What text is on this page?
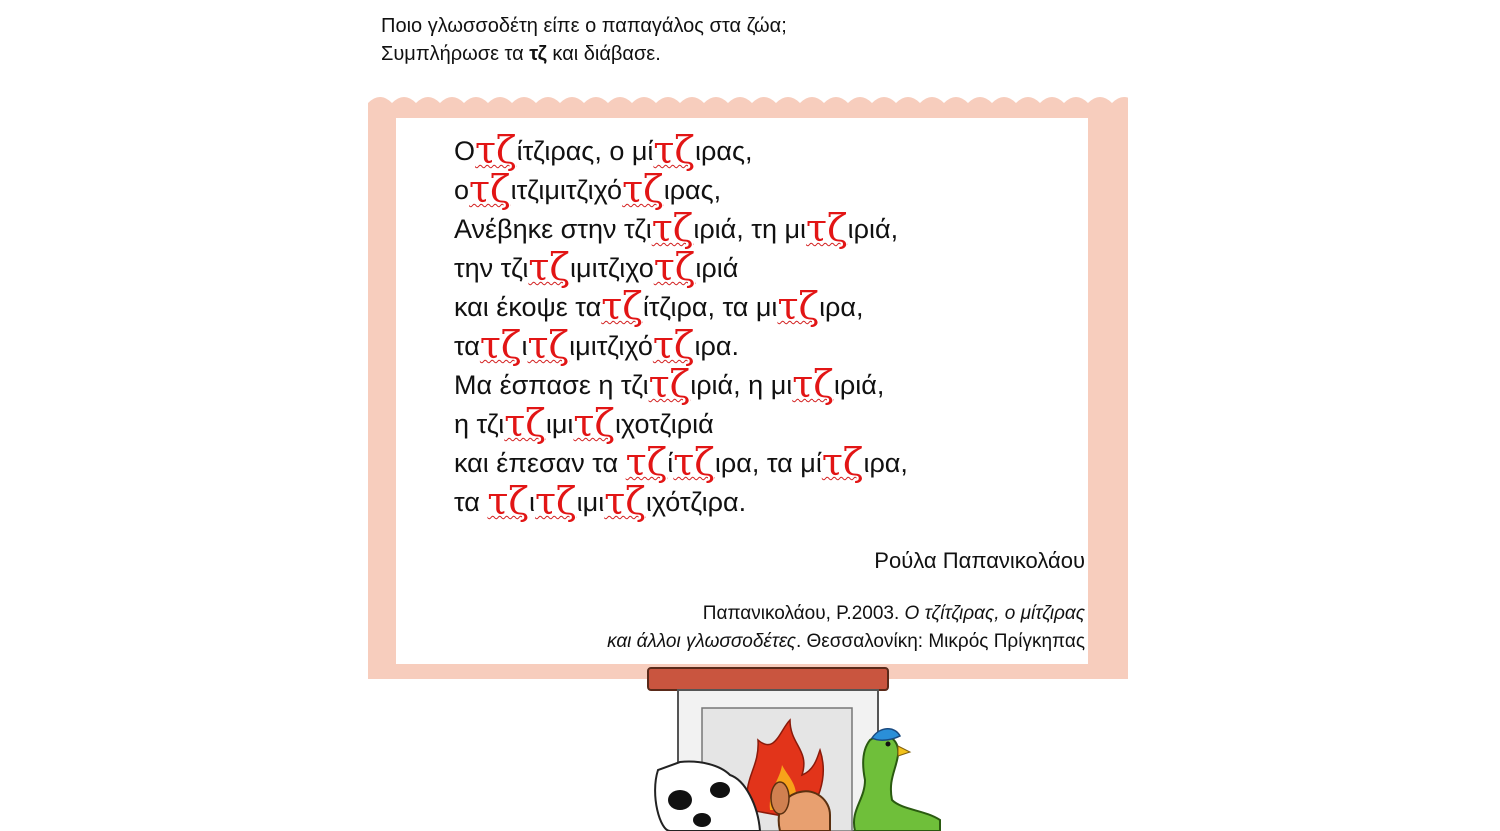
Ποιο γλωσσοδέτη είπε ο παπαγάλος στα ζώα;
Συμπλήρωσε τα τζ και διάβασε.
Οτζίτζιρας, ο μίτζιρας,
οτζιτζιμιτζιχότζιρας,
Ανέβηκε στην τζιτζιριά, τη μιτζιριά,
την τζιτζιμιτζιχοτζιριά
και έκοψε τατζίτζιρα, τα μιτζιρα,
τατζιτζιμιτζιχότζιρα.
Μα έσπασε η τζιτζιριά, η μιτζιριά,
η τζιτζιμιτζιχοτζιριά
και έπεσαν τα τζίτζιρα, τα μίτζιρα,
τα τζιτζιμιτζιχότζιρα.
Ρούλα Παπανικολάου
Παπανικολάου, Ρ.2003. Ο τζίτζιρας, ο μίτζιρας
και άλλοι γλωσσοδέτες. Θεσσαλονίκη: Μικρός Πρίγκηπας
